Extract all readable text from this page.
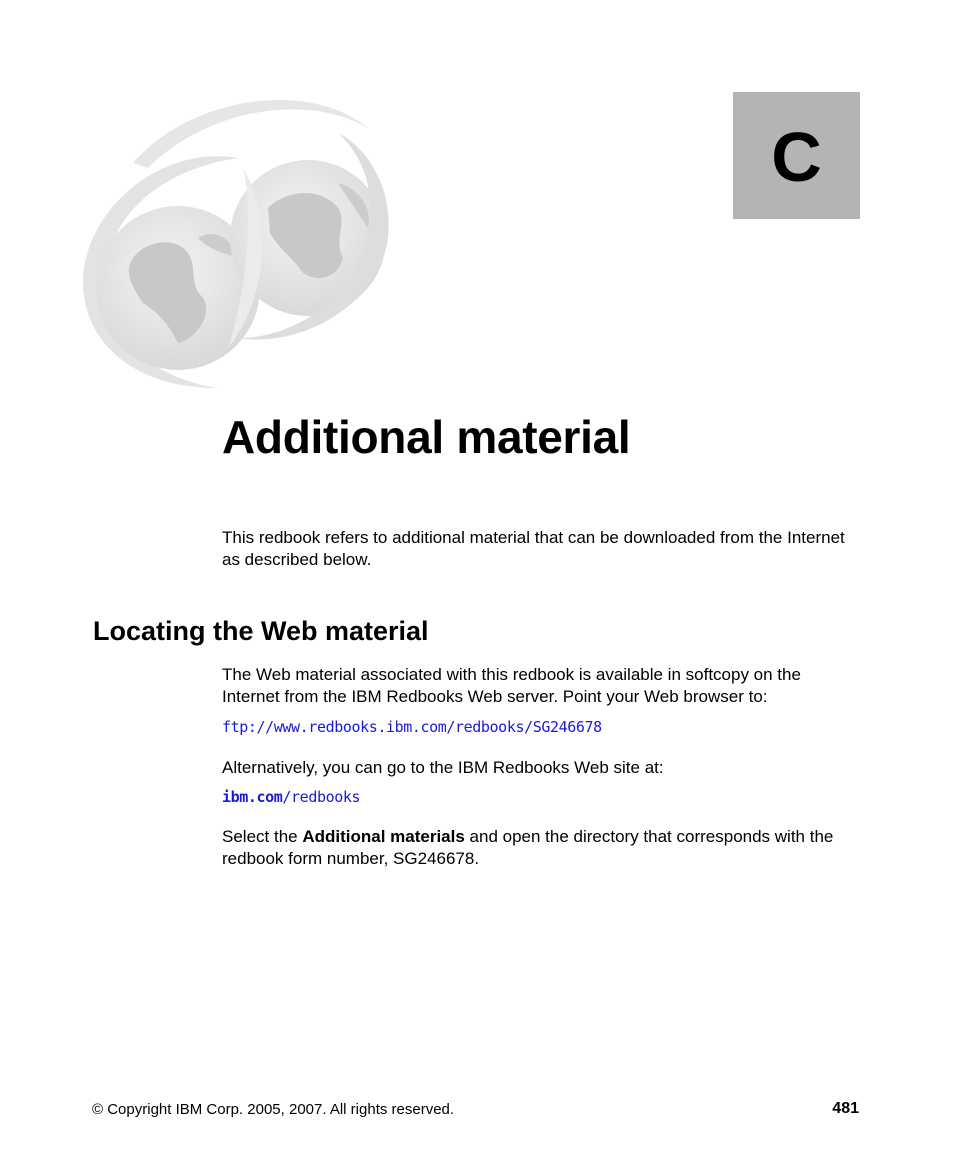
C
Additional material

This redbook refers to additional material that can be downloaded from the Internet as described below.

Locating the Web material

The Web material associated with this redbook is available in softcopy on the Internet from the IBM Redbooks Web server. Point your Web browser to:

ftp://www.redbooks.ibm.com/redbooks/SG246678

Alternatively, you can go to the IBM Redbooks Web site at:

ibm.com/redbooks

Select the Additional materials and open the directory that corresponds with the redbook form number, SG246678.

© Copyright IBM Corp. 2005, 2007. All rights reserved.	481
